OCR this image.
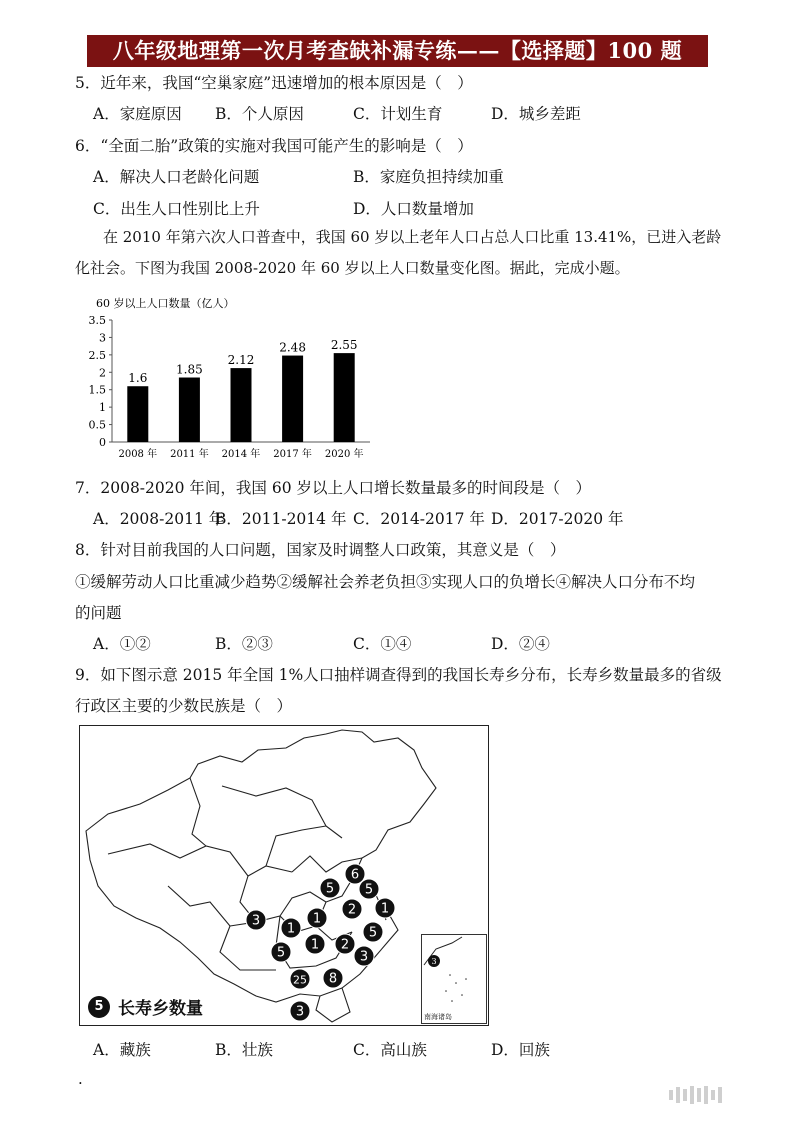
八年级地理第一次月考查缺补漏专练——【选择题】100 题
5．近年来，我国“空巢家庭”迅速增加的根本原因是（　）
A．家庭原因 B．个人原因	C．计划生育	D．城乡差距
6．“全面二胎”政策的实施对我国可能产生的影响是（　）
A．解决人口老龄化问题	B．家庭负担持续加重
C．出生人口性别比上升	D．人口数量增加
在 2010 年第六次人口普查中，我国 60 岁以上老年人口占总人口比重 13.41%，已进入老龄化社会。下图为我国 2008-2020 年 60 岁以上人口数量变化图。据此，完成小题。
60 岁以上人口数量（亿人）
0
0.5
1
1.5
2
2.5
3
3.5
1.6
2008 年
1.85
2011 年
2.12
2014 年
2.48
2017 年
2.55
2020 年
7．2008-2020 年间，我国 60 岁以上人口增长数量最多的时间段是（　）
A．2008-2011 年
B．2011-2014 年 C．2014-2017 年 D．2017-2020 年
8．针对目前我国的人口问题，国家及时调整人口政策，其意义是（　）
①缓解劳动人口比重减少趋势②缓解社会养老负担③实现人口的负增长④解决人口分布不均
的问题
A．①②	B．②③	C．①④	D．②④
9．如下图示意 2015 年全国 1%人口抽样调查得到的我国长寿乡分布，长寿乡数量最多的省级
行政区主要的少数民族是（　）
6
5 5
2 1
1
1
3
5
1 2
5	3
25 8
3
3
南海诸岛
5 长寿乡数量
A．藏族	B．壮族	C．高山族	D．回族
·
